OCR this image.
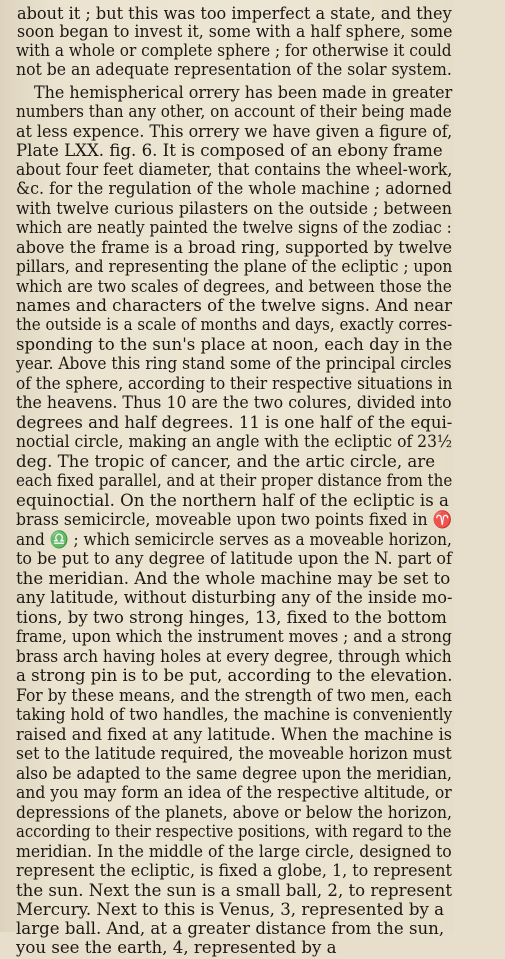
about it ; but this was too imperfect a state, and they
soon began to invest it, some with a half sphere, some
with a whole or complete sphere ; for otherwise it could
not be an adequate representation of the solar system.
The hemispherical orrery has been made in greater
numbers than any other, on account of their being made
at less expence. This orrery we have given a figure of,
Plate LXX. fig. 6. It is composed of an ebony frame
about four feet diameter, that contains the wheel-work,
&c. for the regulation of the whole machine ; adorned
with twelve curious pilasters on the outside ; between
which are neatly painted the twelve signs of the zodiac :
above the frame is a broad ring, supported by twelve
pillars, and representing the plane of the ecliptic ; upon
which are two scales of degrees, and between those the
names and characters of the twelve signs. And near
the outside is a scale of months and days, exactly corres-
sponding to the sun's place at noon, each day in the
year. Above this ring stand some of the principal circles
of the sphere, according to their respective situations in
the heavens. Thus 10 are the two colures, divided into
degrees and half degrees. 11 is one half of the equi-
noctial circle, making an angle with the ecliptic of 23½
deg. The tropic of cancer, and the artic circle, are
each fixed parallel, and at their proper distance from the
equinoctial. On the northern half of the ecliptic is a
brass semicircle, moveable upon two points fixed in ♈
and ♎ ; which semicircle serves as a moveable horizon,
to be put to any degree of latitude upon the N. part of
the meridian. And the whole machine may be set to
any latitude, without disturbing any of the inside mo-
tions, by two strong hinges, 13, fixed to the bottom
frame, upon which the instrument moves ; and a strong
brass arch having holes at every degree, through which
a strong pin is to be put, according to the elevation.
For by these means, and the strength of two men, each
taking hold of two handles, the machine is conveniently
raised and fixed at any latitude. When the machine is
set to the latitude required, the moveable horizon must
also be adapted to the same degree upon the meridian,
and you may form an idea of the respective altitude, or
depressions of the planets, above or below the horizon,
according to their respective positions, with regard to the
meridian. In the middle of the large circle, designed to
represent the ecliptic, is fixed a globe, 1, to represent
the sun. Next the sun is a small ball, 2, to represent
Mercury. Next to this is Venus, 3, represented by a
large ball. And, at a greater distance from the sun,
you see the earth, 4, represented by a
